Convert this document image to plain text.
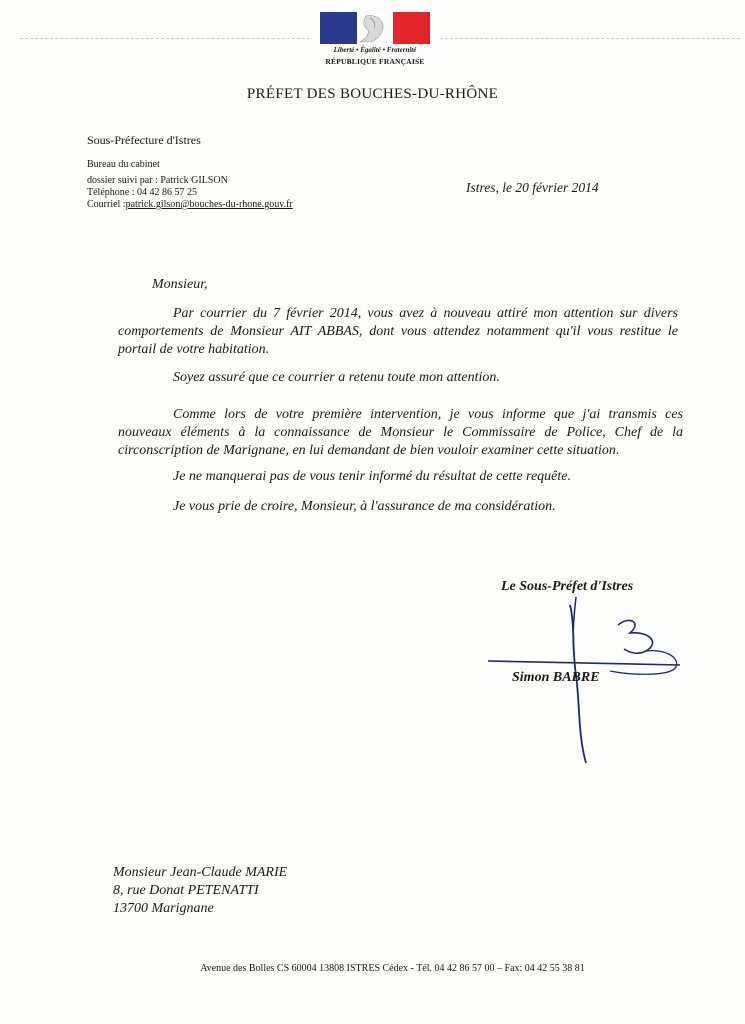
Liberté • Égalité • Fraternité
RÉPUBLIQUE FRANÇAISE
PRÉFET DES BOUCHES-DU-RHÔNE
Sous-Préfecture d'Istres
Bureau du cabinet
dossier suivi par : Patrick GILSON
Téléphone : 04 42 86 57 25
Courriel :patrick.gilson@bouches-du-rhone.gouv.fr
Istres, le 20 février 2014
Monsieur,
Par courrier du 7 février 2014, vous avez à nouveau attiré mon attention sur divers
comportements de Monsieur AIT ABBAS, dont vous attendez notamment qu'il vous restitue le
portail de votre habitation.
Soyez assuré que ce courrier a retenu toute mon attention.
Comme lors de votre première intervention, je vous informe que j'ai transmis ces
nouveaux éléments à la connaissance de Monsieur le Commissaire de Police, Chef de la
circonscription de Marignane, en lui demandant de bien vouloir examiner cette situation.
Je ne manquerai pas de vous tenir informé du résultat de cette requête.
Je vous prie de croire, Monsieur, à l'assurance de ma considération.
Le Sous-Préfet d'Istres
Simon BABRE
Monsieur Jean-Claude MARIE
8, rue Donat PETENATTI
13700 Marignane
Avenue des Bolles CS 60004 13808 ISTRES Cédex - Tél. 04 42 86 57 00 – Fax: 04 42 55 38 81
